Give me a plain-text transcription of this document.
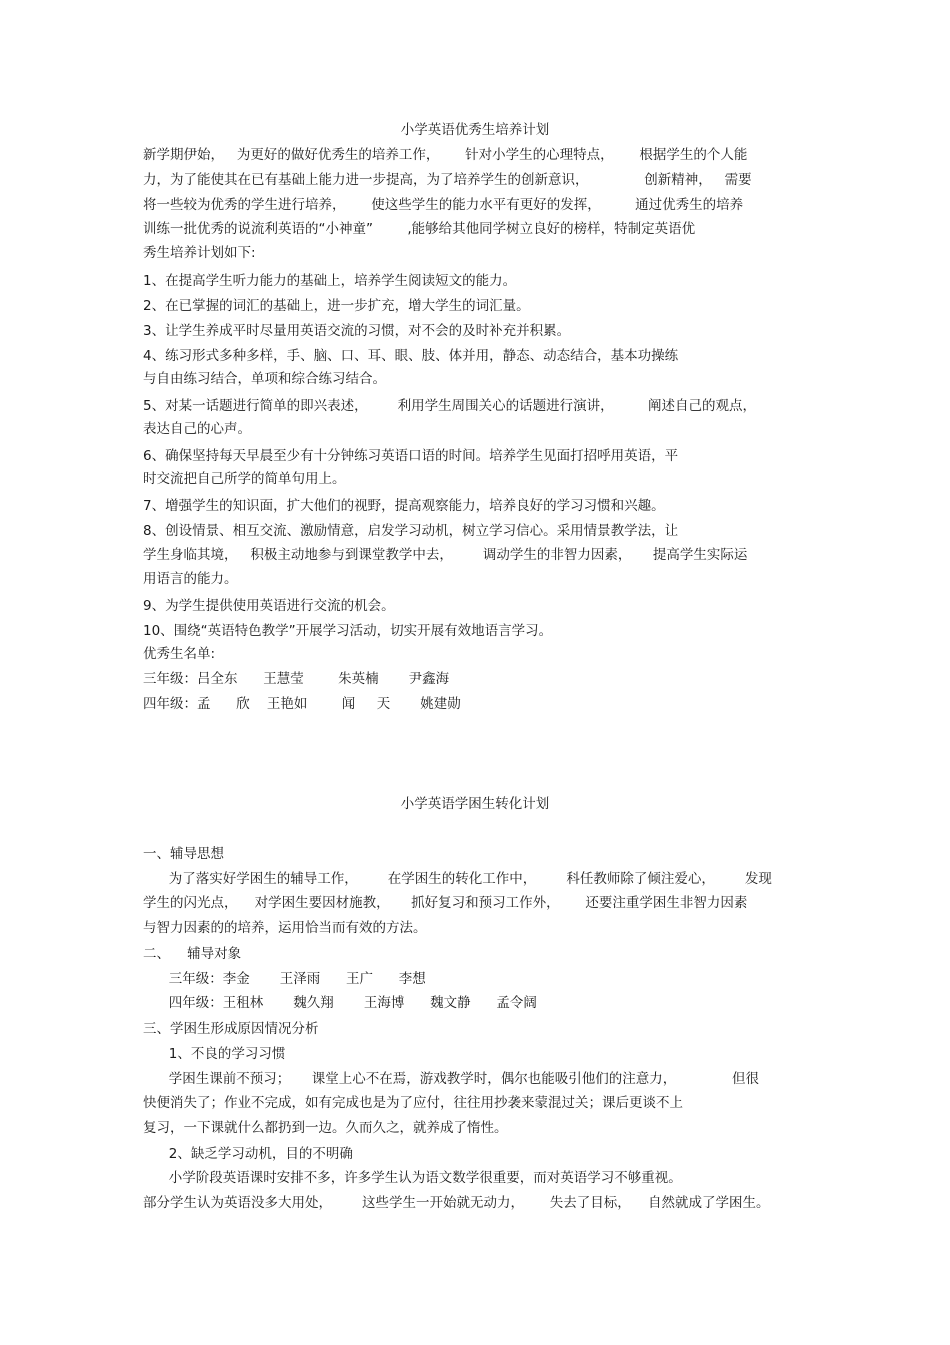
小学英语优秀生培养计划
新学期伊始，   为更好的做好优秀生的培养工作，      针对小学生的心理特点，      根据学生的个人能
力，为了能使其在已有基础上能力进一步提高，为了培养学生的创新意识，             创新精神，   需要
将一些较为优秀的学生进行培养，      使这些学生的能力水平有更好的发挥，        通过优秀生的培养
训练一批优秀的说流利英语的“小神童”        ,能够给其他同学树立良好的榜样，特制定英语优
秀生培养计划如下:
1、在提高学生听力能力的基础上，培养学生阅读短文的能力。
2、在已掌握的词汇的基础上，进一步扩充，增大学生的词汇量。
3、让学生养成平时尽量用英语交流的习惯，对不会的及时补充并积累。
4、练习形式多种多样，手、脑、口、耳、眼、肢、体并用，静态、动态结合，基本功操练
与自由练习结合，单项和综合练习结合。
5、对某一话题进行简单的即兴表述，       利用学生周围关心的话题进行演讲，        阐述自己的观点，
表达自己的心声。
6、确保坚持每天早晨至少有十分钟练习英语口语的时间。培养学生见面打招呼用英语，平
时交流把自己所学的简单句用上。
7、增强学生的知识面，扩大他们的视野，提高观察能力，培养良好的学习习惯和兴趣。
8、创设情景、相互交流、激励情意，启发学习动机，树立学习信心。采用情景教学法，让
学生身临其境，   积极主动地参与到课堂教学中去，       调动学生的非智力因素，     提高学生实际运
用语言的能力。
9、为学生提供使用英语进行交流的机会。
10、围绕“英语特色教学”开展学习活动，切实开展有效地语言学习。
优秀生名单:
三年级：吕全东      王慧莹        朱英楠       尹鑫海
四年级：孟      欣    王艳如        闻     天       姚建勋
小学英语学困生转化计划
一、辅导思想
为了落实好学困生的辅导工作，       在学困生的转化工作中，       科任教师除了倾注爱心，       发现
学生的闪光点，    对学困生要因材施教，     抓好复习和预习工作外，      还要注重学困生非智力因素
与智力因素的的培养，运用恰当而有效的方法。
二、    辅导对象
三年级：李金       王泽雨      王广      李想
四年级：王租林       魏久翔       王海博      魏文静      孟令阔
三、学困生形成原因情况分析
1、不良的学习习惯
学困生课前不预习；     课堂上心不在焉，游戏教学时，偶尔也能吸引他们的注意力，             但很
快便消失了；作业不完成，如有完成也是为了应付，往往用抄袭来蒙混过关；课后更谈不上
复习，一下课就什么都扔到一边。久而久之，就养成了惰性。
2、缺乏学习动机，目的不明确
小学阶段英语课时安排不多，许多学生认为语文数学很重要，而对英语学习不够重视。
部分学生认为英语没多大用处，       这些学生一开始就无动力，      失去了目标，    自然就成了学困生。
